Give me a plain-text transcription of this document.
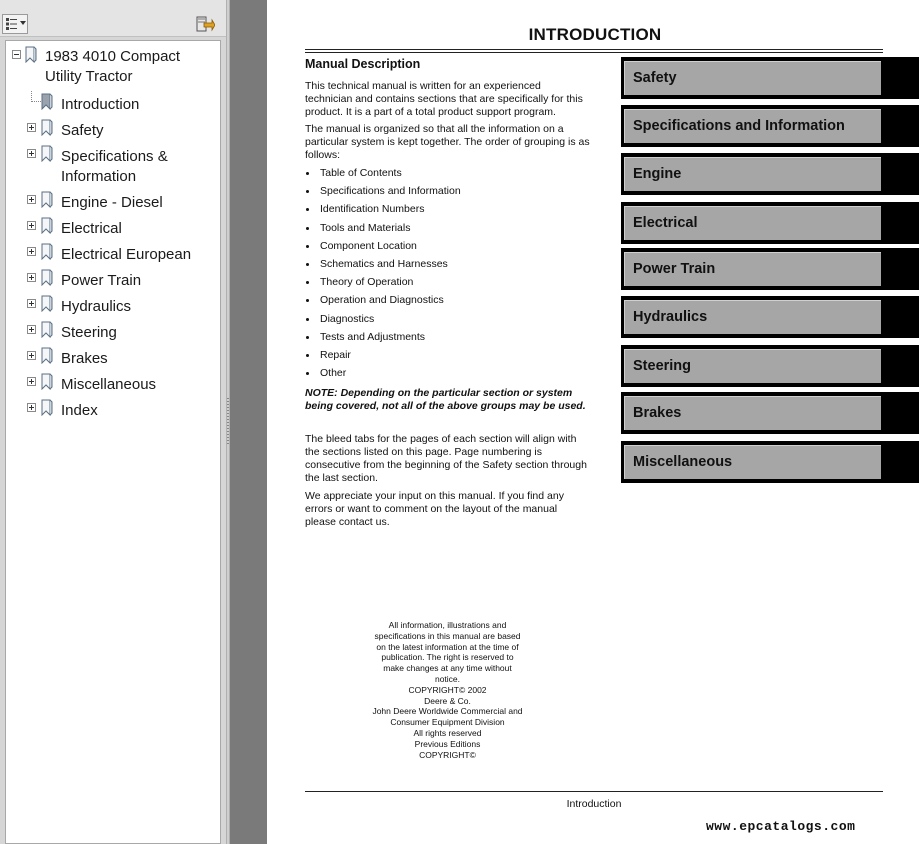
1983 4010 Compact
Utility Tractor
Introduction
Safety
Specifications &
Information
Engine - Diesel
Electrical
Electrical European
Power Train
Hydraulics
Steering
Brakes
Miscellaneous
Index
INTRODUCTION
Manual Description
This technical manual is written for an experienced technician and contains sections that are specifically for this product. It is a part of a total product support program.
The manual is organized so that all the information on a particular system is kept together. The order of grouping is as follows:
Table of Contents
Specifications and Information
Identification Numbers
Tools and Materials
Component Location
Schematics and Harnesses
Theory of Operation
Operation and Diagnostics
Diagnostics
Tests and Adjustments
Repair
Other
NOTE: Depending on the particular section or system being covered, not all of the above groups may be used.
The bleed tabs for the pages of each section will align with the sections listed on this page. Page numbering is consecutive from the beginning of the Safety section through the last section.
We appreciate your input on this manual. If you find any errors or want to comment on the layout of the manual please contact us.
Safety
Specifications and Information
Engine
Electrical
Power Train
Hydraulics
Steering
Brakes
Miscellaneous
All information, illustrations and
specifications in this manual are based
on the latest information at the time of
publication. The right is reserved to
make changes at any time without
notice.
COPYRIGHT© 2002
Deere & Co.
John Deere Worldwide Commercial and
Consumer Equipment Division
All rights reserved
Previous Editions
COPYRIGHT©
Introduction
www.epcatalogs.com
